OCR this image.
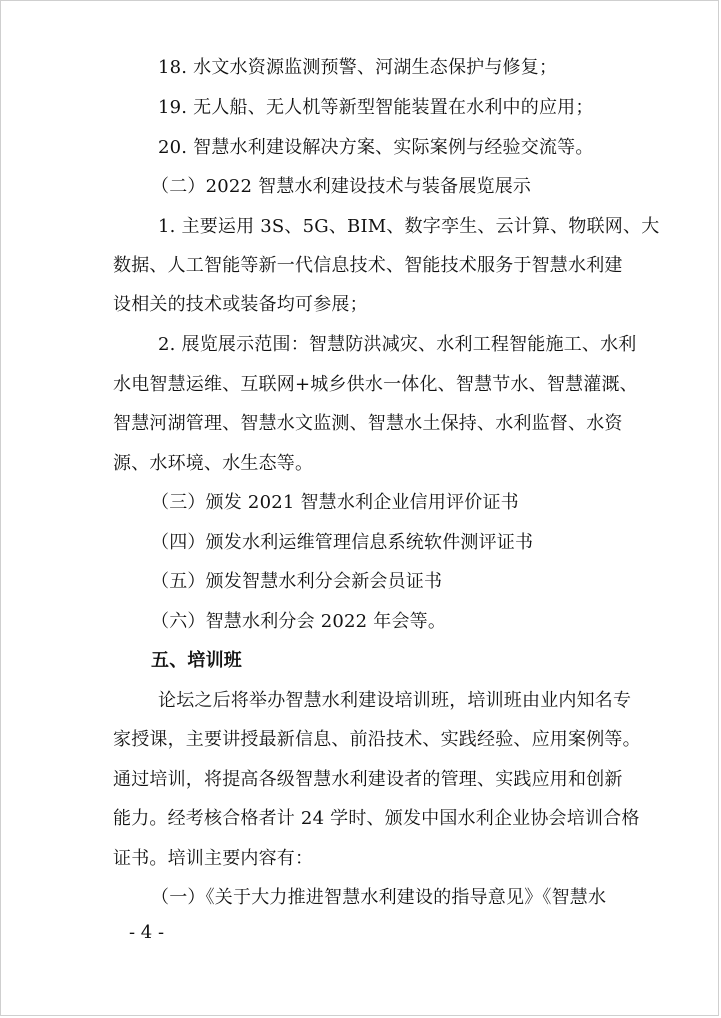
18. 水文水资源监测预警、河湖生态保护与修复；
19. 无人船、无人机等新型智能装置在水利中的应用；
20. 智慧水利建设解决方案、实际案例与经验交流等。
（二）2022 智慧水利建设技术与装备展览展示
1. 主要运用 3S、5G、BIM、数字孪生、云计算、物联网、大
数据、人工智能等新一代信息技术、智能技术服务于智慧水利建
设相关的技术或装备均可参展；
2. 展览展示范围：智慧防洪减灾、水利工程智能施工、水利
水电智慧运维、互联网+城乡供水一体化、智慧节水、智慧灌溉、
智慧河湖管理、智慧水文监测、智慧水土保持、水利监督、水资
源、水环境、水生态等。
（三）颁发 2021 智慧水利企业信用评价证书
（四）颁发水利运维管理信息系统软件测评证书
（五）颁发智慧水利分会新会员证书
（六）智慧水利分会 2022 年会等。
五、培训班
论坛之后将举办智慧水利建设培训班，培训班由业内知名专
家授课，主要讲授最新信息、前沿技术、实践经验、应用案例等。
通过培训，将提高各级智慧水利建设者的管理、实践应用和创新
能力。经考核合格者计 24 学时、颁发中国水利企业协会培训合格
证书。培训主要内容有：
（一）《关于大力推进智慧水利建设的指导意见》《智慧水
- 4 -
